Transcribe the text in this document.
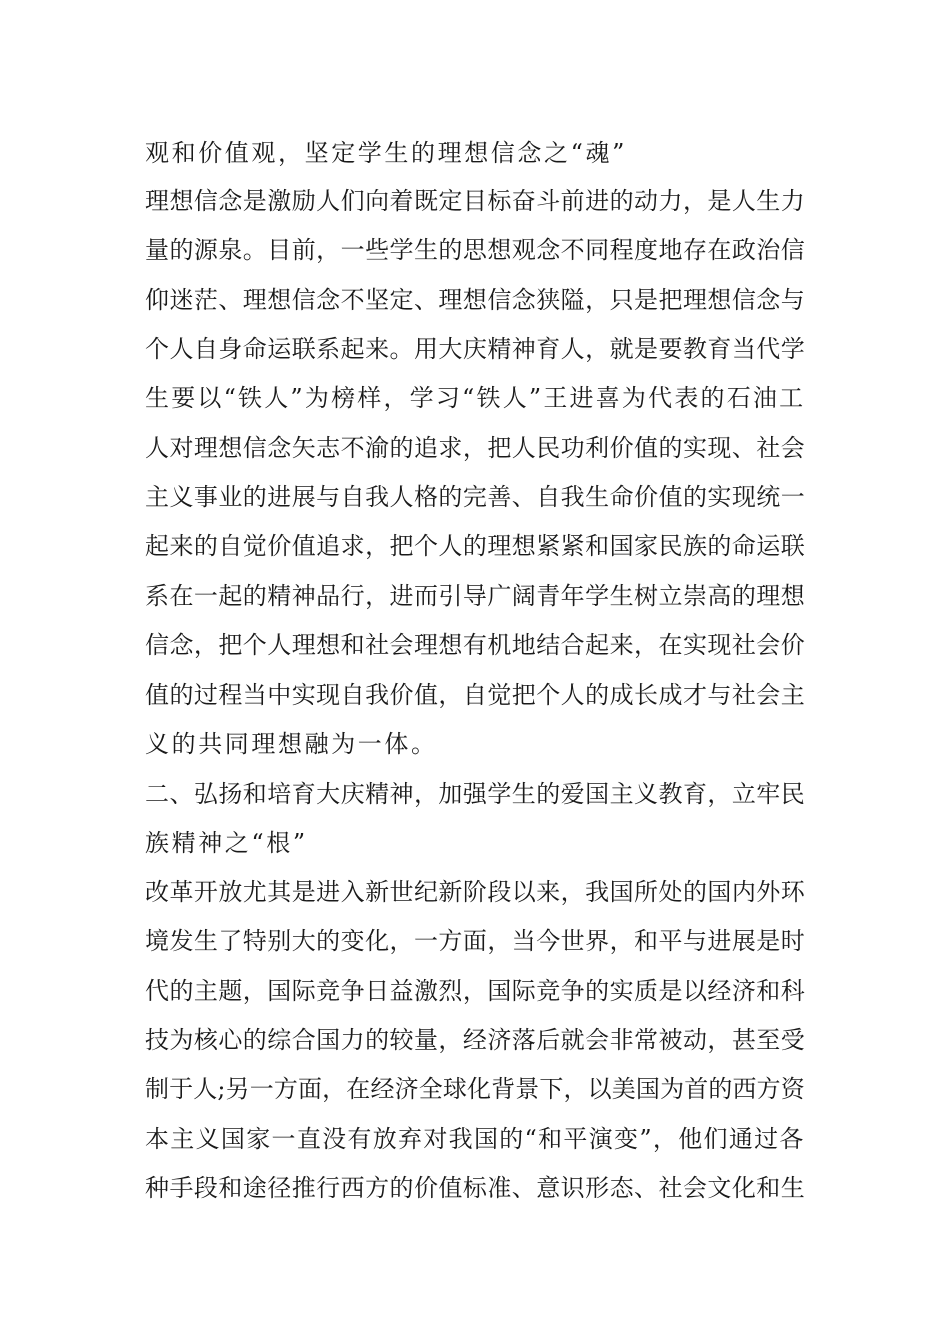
观和价值观，坚定学生的理想信念之“魂”

理想信念是激励人们向着既定目标奋斗前进的动力，是人生力

量的源泉。目前，一些学生的思想观念不同程度地存在政治信

仰迷茫、理想信念不坚定、理想信念狭隘，只是把理想信念与

个人自身命运联系起来。用大庆精神育人，就是要教育当代学

生要以“铁人”为榜样，学习“铁人”王进喜为代表的石油工

人对理想信念矢志不渝的追求，把人民功利价值的实现、社会

主义事业的进展与自我人格的完善、自我生命价值的实现统一

起来的自觉价值追求，把个人的理想紧紧和国家民族的命运联

系在一起的精神品行，进而引导广阔青年学生树立崇高的理想

信念，把个人理想和社会理想有机地结合起来，在实现社会价

值的过程当中实现自我价值，自觉把个人的成长成才与社会主

义的共同理想融为一体。

二、弘扬和培育大庆精神，加强学生的爱国主义教育，立牢民

族精神之“根”

改革开放尤其是进入新世纪新阶段以来，我国所处的国内外环

境发生了特别大的变化，一方面，当今世界，和平与进展是时

代的主题，国际竞争日益激烈，国际竞争的实质是以经济和科

技为核心的综合国力的较量，经济落后就会非常被动，甚至受

制于人;另一方面，在经济全球化背景下，以美国为首的西方资

本主义国家一直没有放弃对我国的“和平演变”，他们通过各

种手段和途径推行西方的价值标准、意识形态、社会文化和生
